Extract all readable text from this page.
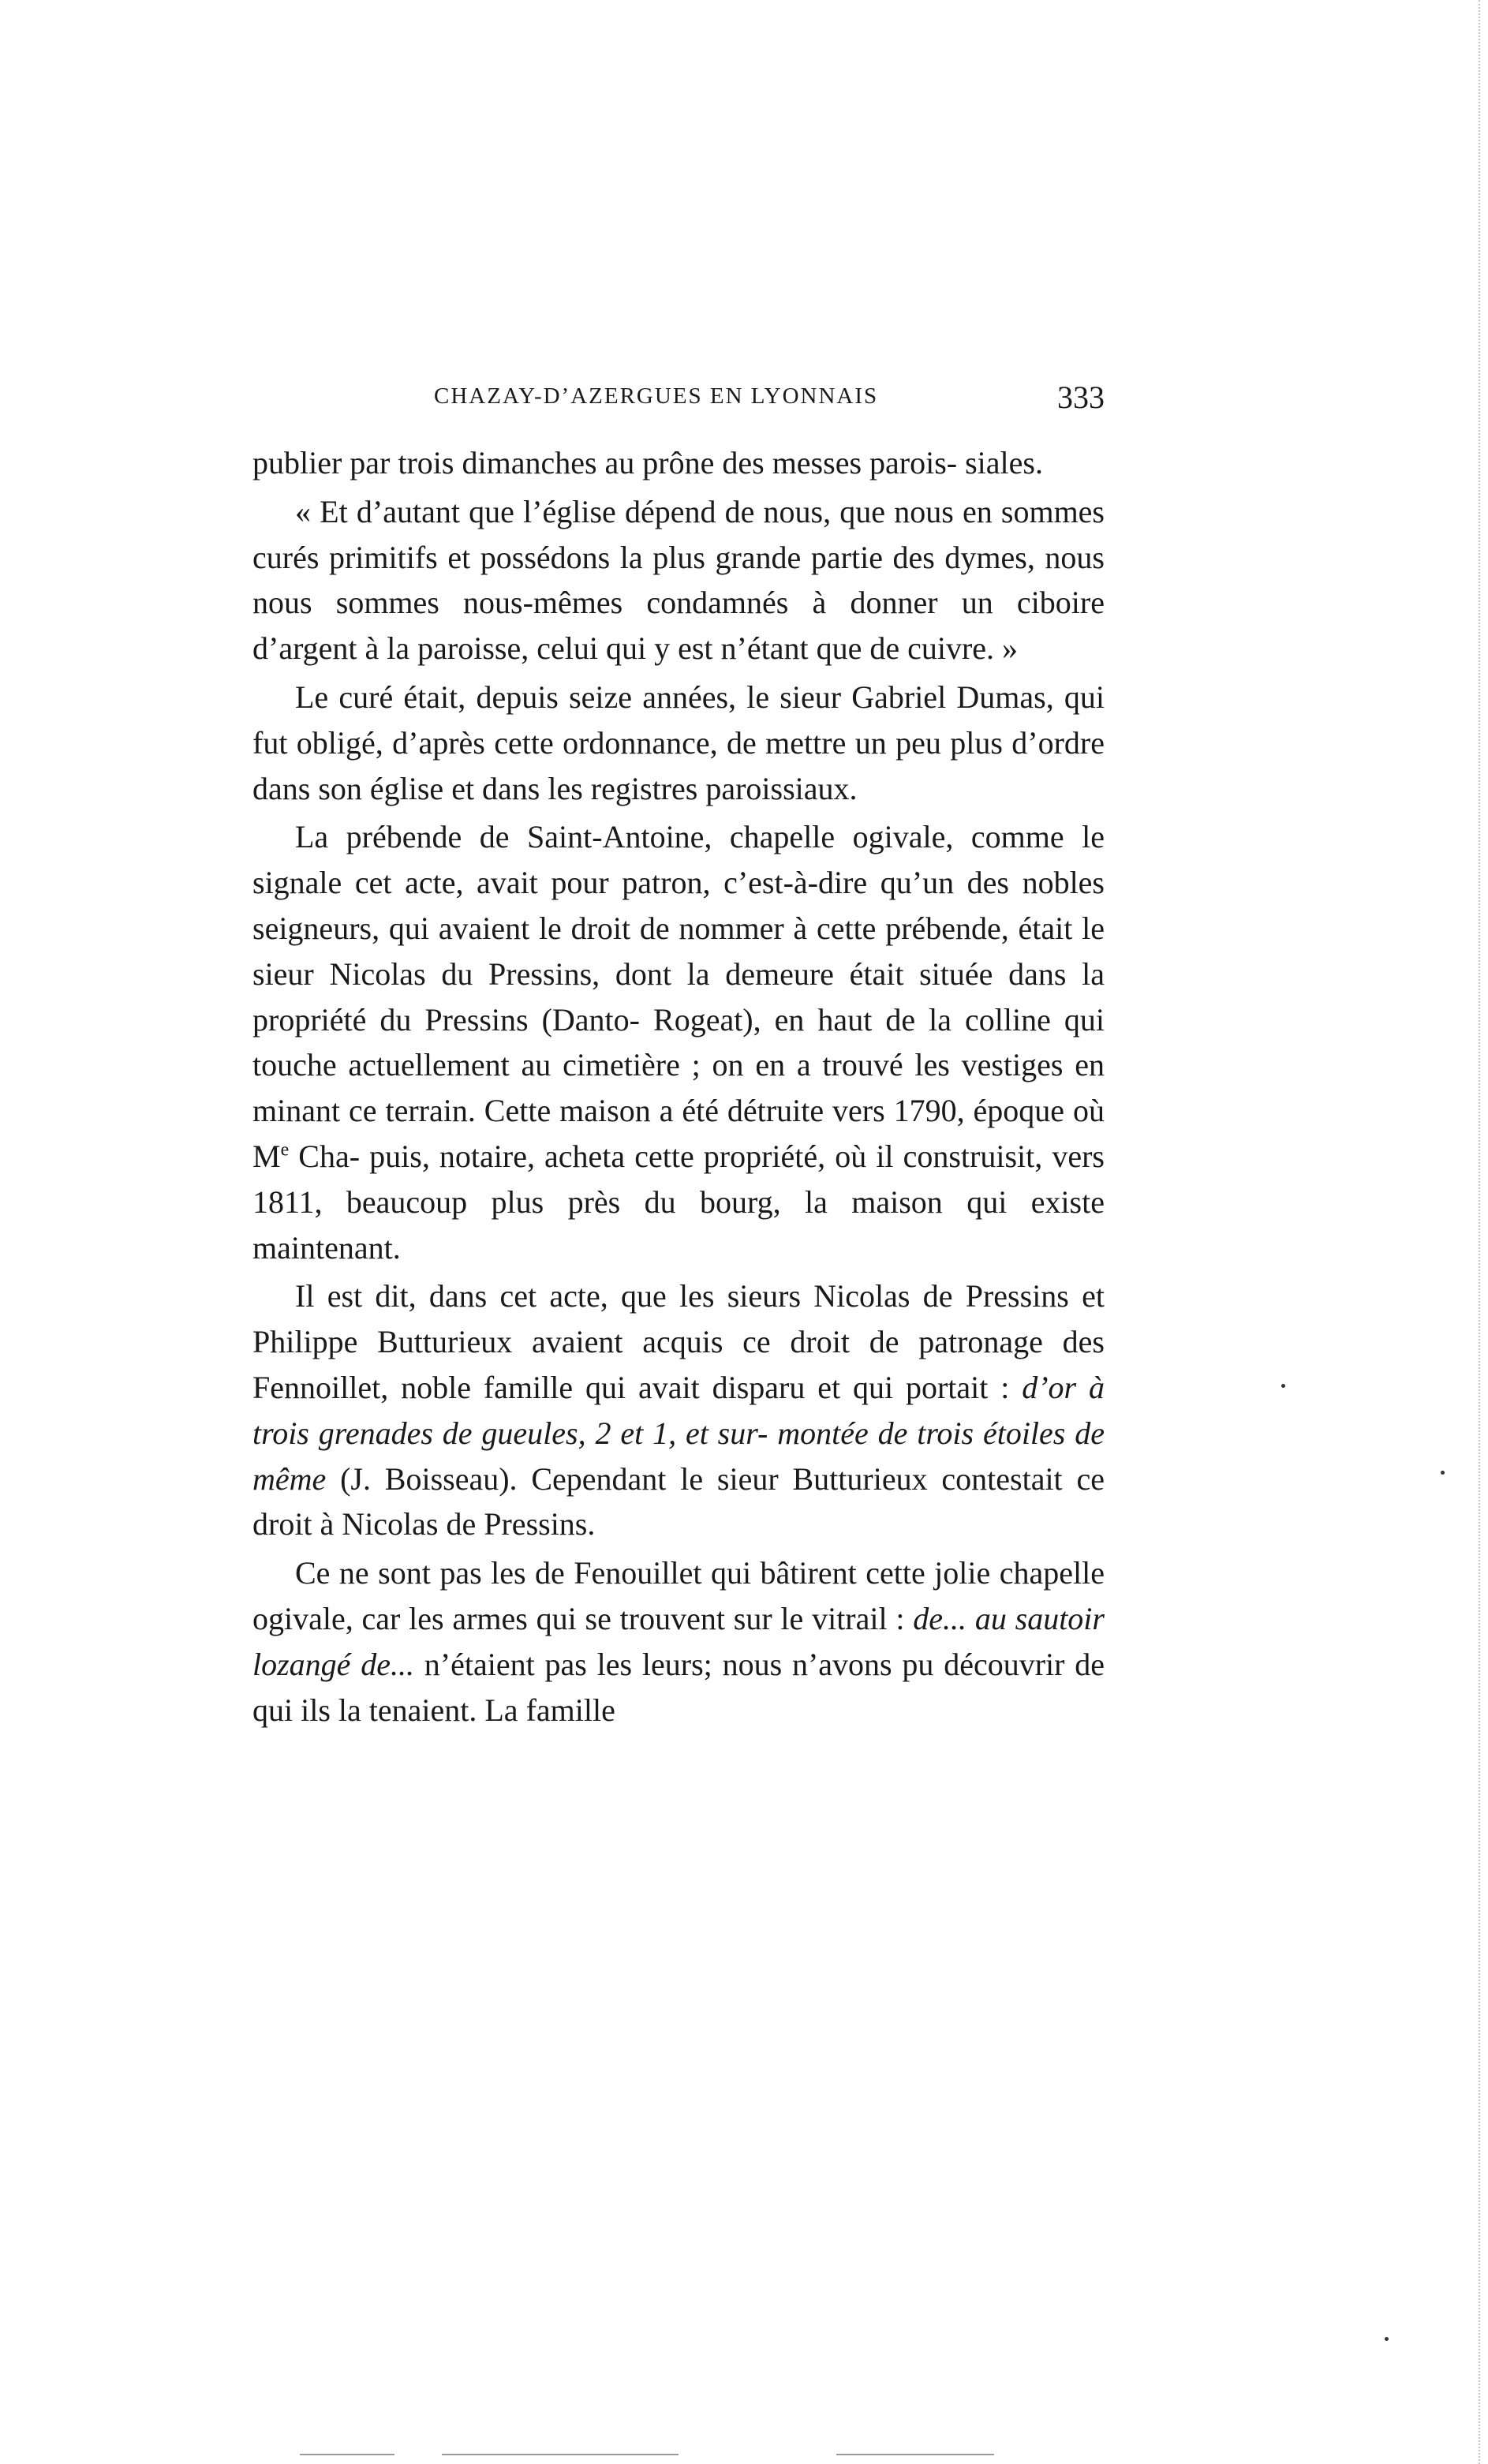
CHAZAY-D’AZERGUES EN LYONNAIS	333

publier par trois dimanches au prône des messes parois- siales.

« Et d’autant que l’église dépend de nous, que nous en sommes curés primitifs et possédons la plus grande partie des dymes, nous nous sommes nous-mêmes condamnés à donner un ciboire d’argent à la paroisse, celui qui y est n’étant que de cuivre. »

Le curé était, depuis seize années, le sieur Gabriel Dumas, qui fut obligé, d’après cette ordonnance, de mettre un peu plus d’ordre dans son église et dans les registres paroissiaux.

La prébende de Saint-Antoine, chapelle ogivale, comme le signale cet acte, avait pour patron, c’est-à-dire qu’un des nobles seigneurs, qui avaient le droit de nommer à cette prébende, était le sieur Nicolas du Pressins, dont la demeure était située dans la propriété du Pressins (Danto- Rogeat), en haut de la colline qui touche actuellement au cimetière ; on en a trouvé les vestiges en minant ce terrain. Cette maison a été détruite vers 1790, époque où Me Cha- puis, notaire, acheta cette propriété, où il construisit, vers 1811, beaucoup plus près du bourg, la maison qui existe maintenant.

Il est dit, dans cet acte, que les sieurs Nicolas de Pressins et Philippe Butturieux avaient acquis ce droit de patronage des Fennoillet, noble famille qui avait disparu et qui portait : d’or à trois grenades de gueules, 2 et 1, et sur- montée de trois étoiles de même (J. Boisseau). Cependant le sieur Butturieux contestait ce droit à Nicolas de Pressins.

Ce ne sont pas les de Fenouillet qui bâtirent cette jolie chapelle ogivale, car les armes qui se trouvent sur le vitrail : de... au sautoir lozangé de... n’étaient pas les leurs; nous n’avons pu découvrir de qui ils la tenaient. La famille
